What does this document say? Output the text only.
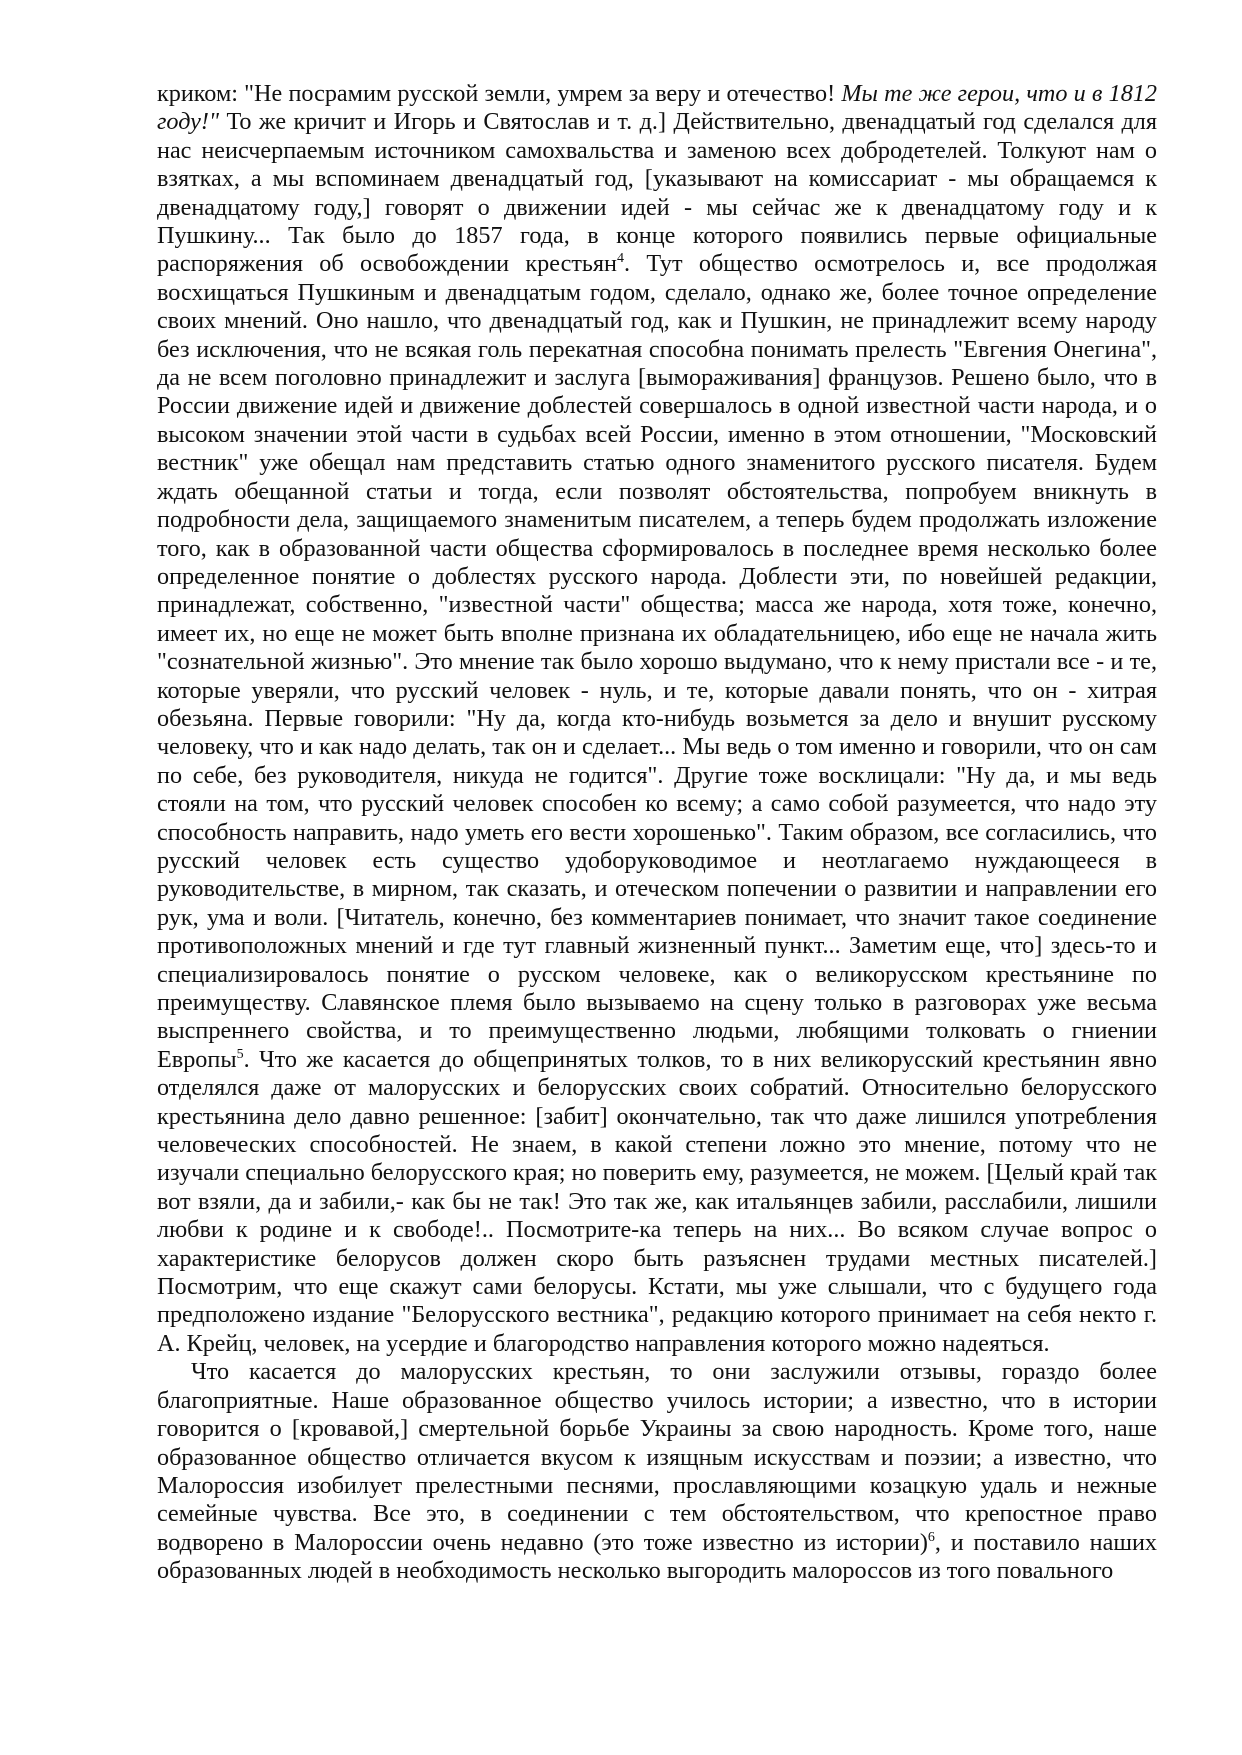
криком: "Не посрамим русской земли, умрем за веру и отечество! Мы те же герои, что и в 1812 году!" То же кричит и Игорь и Святослав и т. д.] Действительно, двенадцатый год сделался для нас неисчерпаемым источником самохвальства и заменою всех добродетелей. Толкуют нам о взятках, а мы вспоминаем двенадцатый год, [указывают на комиссариат - мы обращаемся к двенадцатому году,] говорят о движении идей - мы сейчас же к двенадцатому году и к Пушкину... Так было до 1857 года, в конце которого появились первые официальные распоряжения об освобождении крестьян$^4$. Тут общество осмотрелось и, все продолжая восхищаться Пушкиным и двенадцатым годом, сделало, однако же, более точное определение своих мнений. Оно нашло, что двенадцатый год, как и Пушкин, не принадлежит всему народу без исключения, что не всякая голь перекатная способна понимать прелесть "Евгения Онегина", да не всем поголовно принадлежит и заслуга [вымораживания] французов. Решено было, что в России движение идей и движение доблестей совершалось в одной известной части народа, и о высоком значении этой части в судьбах всей России, именно в этом отношении, "Московский вестник" уже обещал нам представить статью одного знаменитого русского писателя. Будем ждать обещанной статьи и тогда, если позволят обстоятельства, попробуем вникнуть в подробности дела, защищаемого знаменитым писателем, а теперь будем продолжать изложение того, как в образованной части общества сформировалось в последнее время несколько более определенное понятие о доблестях русского народа. Доблести эти, по новейшей редакции, принадлежат, собственно, "известной части" общества; масса же народа, хотя тоже, конечно, имеет их, но еще не может быть вполне признана их обладательницею, ибо еще не начала жить "сознательной жизнью". Это мнение так было хорошо выдумано, что к нему пристали все - и те, которые уверяли, что русский человек - нуль, и те, которые давали понять, что он - хитрая обезьяна. Первые говорили: "Ну да, когда кто-нибудь возьмется за дело и внушит русскому человеку, что и как надо делать, так он и сделает... Мы ведь о том именно и говорили, что он сам по себе, без руководителя, никуда не годится". Другие тоже восклицали: "Ну да, и мы ведь стояли на том, что русский человек способен ко всему; а само собой разумеется, что надо эту способность направить, надо уметь его вести хорошенько". Таким образом, все согласились, что русский человек есть существо удоборуководимое и неотлагаемо нуждающееся в руководительстве, в мирном, так сказать, и отеческом попечении о развитии и направлении его рук, ума и воли. [Читатель, конечно, без комментариев понимает, что значит такое соединение противоположных мнений и где тут главный жизненный пункт... Заметим еще, что] здесь-то и специализировалось понятие о русском человеке, как о великорусском крестьянине по преимуществу. Славянское племя было вызываемо на сцену только в разговорах уже весьма выспреннего свойства, и то преимущественно людьми, любящими толковать о гниении Европы$^5$. Что же касается до общепринятых толков, то в них великорусский крестьянин явно отделялся даже от малорусских и белорусских своих собратий. Относительно белорусского крестьянина дело давно решенное: [забит] окончательно, так что даже лишился употребления человеческих способностей. Не знаем, в какой степени ложно это мнение, потому что не изучали специально белорусского края; но поверить ему, разумеется, не можем. [Целый край так вот взяли, да и забили,- как бы не так! Это так же, как итальянцев забили, расслабили, лишили любви к родине и к свободе!.. Посмотрите-ка теперь на них... Во всяком случае вопрос о характеристике белорусов должен скоро быть разъяснен трудами местных писателей.] Посмотрим, что еще скажут сами белорусы. Кстати, мы уже слышали, что с будущего года предположено издание "Белорусского вестника", редакцию которого принимает на себя некто г. А. Крейц, человек, на усердие и благородство направления которого можно надеяться.

Что касается до малорусских крестьян, то они заслужили отзывы, гораздо более благоприятные. Наше образованное общество училось истории; а известно, что в истории говорится о [кровавой,] смертельной борьбе Украины за свою народность. Кроме того, наше образованное общество отличается вкусом к изящным искусствам и поэзии; а известно, что Малороссия изобилует прелестными песнями, прославляющими козацкую удаль и нежные семейные чувства. Все это, в соединении с тем обстоятельством, что крепостное право водворено в Малороссии очень недавно (это тоже известно из истории)$^6$, и поставило наших образованных людей в необходимость несколько выгородить малороссов из того повального
